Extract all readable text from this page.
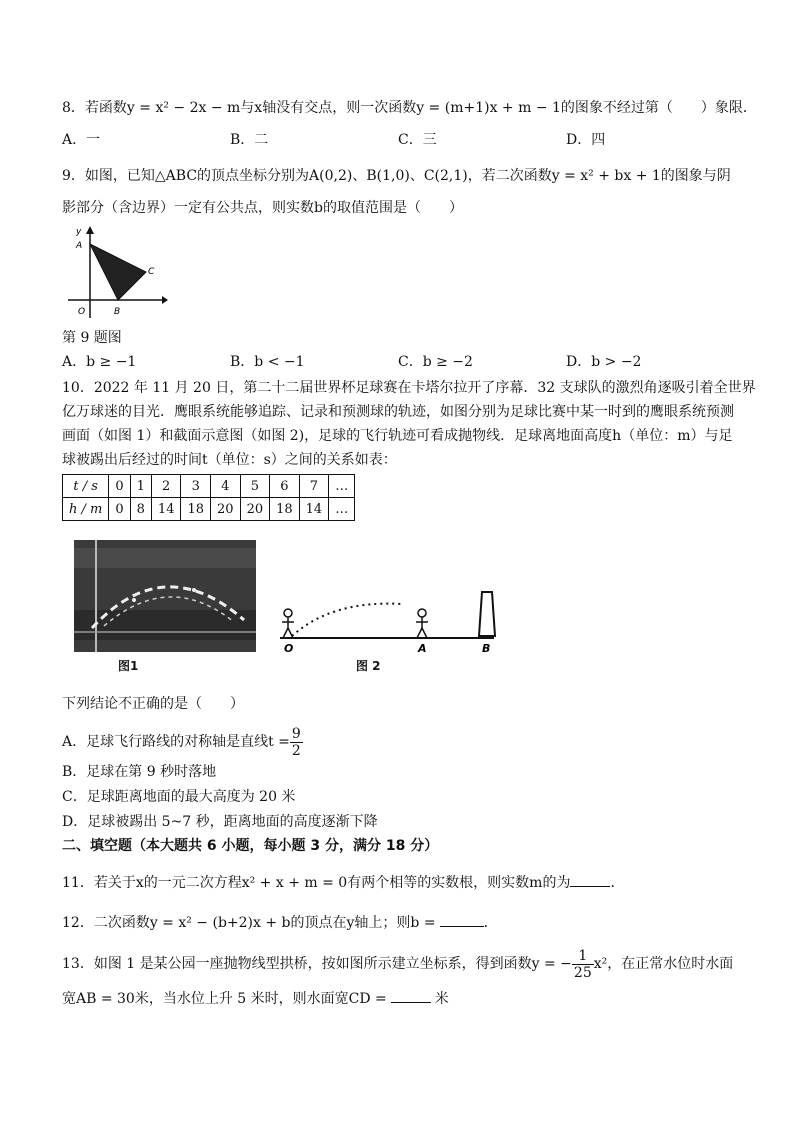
8．若函数y = x² − 2x − m与x轴没有交点，则一次函数y = (m+1)x + m − 1的图象不经过第（　　）象限．
A．一	B．二	C．三	D．四
9．如图，已知△ABC的顶点坐标分别为A(0,2)、B(1,0)、C(2,1)，若二次函数y = x² + bx + 1的图象与阴
影部分（含边界）一定有公共点，则实数b的取值范围是（　　）
y
A
C
O	B
第 9 题图
A．b ≥ −1	B．b < −1	C．b ≥ −2	D．b > −2
10．2022 年 11 月 20 日，第二十二届世界杯足球赛在卡塔尔拉开了序幕．32 支球队的激烈角逐吸引着全世界
亿万球迷的目光．鹰眼系统能够追踪、记录和预测球的轨迹，如图分别为足球比赛中某一时到的鹰眼系统预测
画面（如图 1）和截面示意图（如图 2)，足球的飞行轨迹可看成抛物线．足球离地面高度h（单位：m）与足
球被踢出后经过的时间t（单位：s）之间的关系如表：
t / s	0	1	2	3	4	5	6	7	…
h / m	0	8	14	18	20	20	18	14	…
图1
O	A	B
图 2
下列结论不正确的是（　　）
A．足球飞行路线的对称轴是直线$t = \frac{9}{2}$
B．足球在第 9 秒时落地
C．足球距离地面的最大高度为 20 米
D．足球被踢出 5~7 秒，距离地面的高度逐渐下降
二、填空题（本大题共 6 小题，每小题 3 分，满分 18 分）
11．若关于x的一元二次方程x² + x + m = 0有两个相等的实数根，则实数m的为	．
12．二次函数y = x² − (b+2)x + b的顶点在y轴上；则b =	．
13．如图 1 是某公园一座抛物线型拱桥，按如图所示建立坐标系，得到函数y = − $\frac{1}{25} x^2$，在正常水位时水面
宽AB = 30米，当水位上升 5 米时，则水面宽CD =	米
